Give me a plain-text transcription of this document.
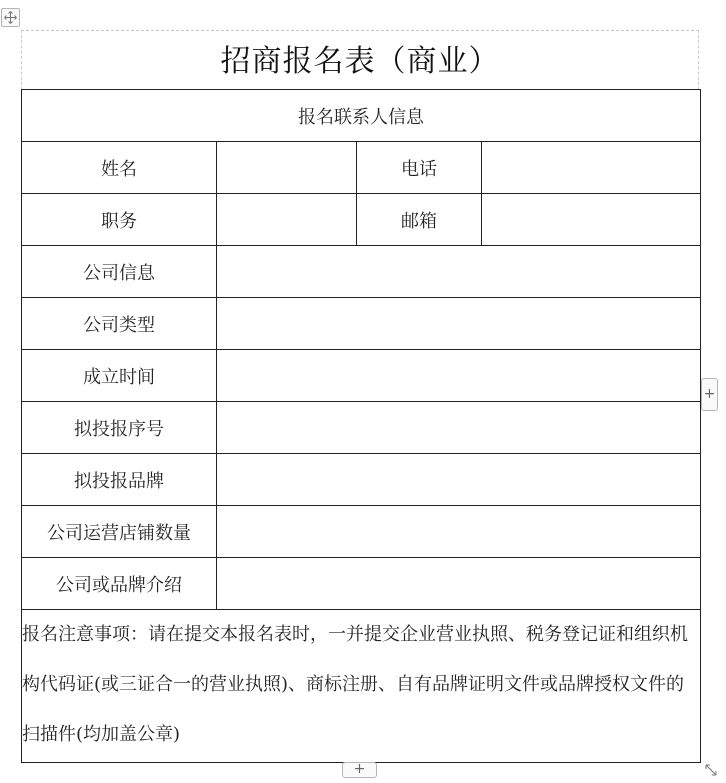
招商报名表（商业）
报名联系人信息			
姓名		电话	
职务		邮箱	
公司信息			
公司类型			
成立时间			
拟投报序号			
拟投报品牌			
公司运营店铺数量			
公司或品牌介绍			
报名注意事项：请在提交本报名表时，一并提交企业营业执照、税务登记证和组织机构代码证(或三证合一的营业执照)、商标注册、自有品牌证明文件或品牌授权文件的扫描件(均加盖公章)			
+
+
